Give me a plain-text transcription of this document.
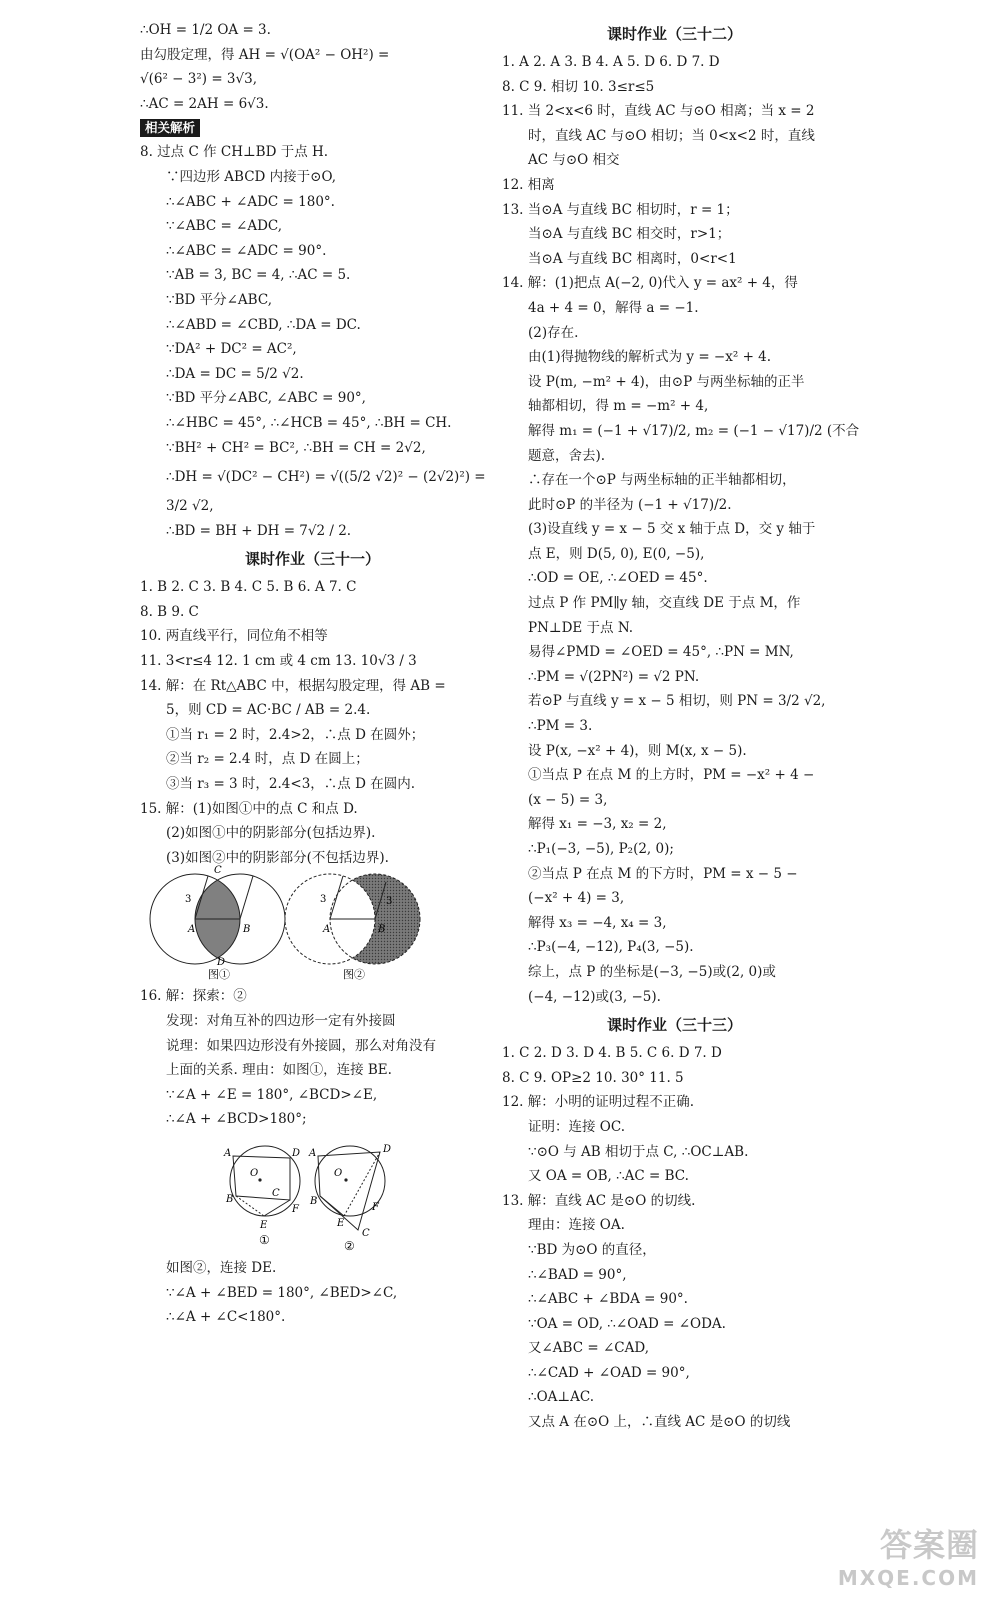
∴OH = 1/2 OA = 3.
由勾股定理，得 AH = √(OA² − OH²) =
√(6² − 3²) = 3√3,
∴AC = 2AH = 6√3.
相关解析
8. 过点 C 作 CH⊥BD 于点 H.
∵四边形 ABCD 内接于⊙O,
∴∠ABC + ∠ADC = 180°.
∵∠ABC = ∠ADC,
∴∠ABC = ∠ADC = 90°.
∵AB = 3, BC = 4, ∴AC = 5.
∵BD 平分∠ABC,
∴∠ABD = ∠CBD, ∴DA = DC.
∵DA² + DC² = AC²,
∴DA = DC = 5/2 √2.
∵BD 平分∠ABC, ∠ABC = 90°,
∴∠HBC = 45°, ∴∠HCB = 45°, ∴BH = CH.
∵BH² + CH² = BC², ∴BH = CH = 2√2,
∴DH = √(DC² − CH²) = √((5/2 √2)² − (2√2)²) =
3/2 √2,
∴BD = BH + DH = 7√2 / 2.
课时作业（三十一）
1. B 2. C 3. B 4. C 5. B 6. A 7. C
8. B 9. C
10. 两直线平行，同位角不相等
11. 3<r≤4 12. 1 cm 或 4 cm 13. 10√3 / 3
14. 解：在 Rt△ABC 中，根据勾股定理，得 AB =
5，则 CD = AC·BC / AB = 2.4.
①当 r₁ = 2 时，2.4>2，∴点 D 在圆外；
②当 r₂ = 2.4 时，点 D 在圆上；
③当 r₃ = 3 时，2.4<3，∴点 D 在圆内.
15. 解：(1)如图①中的点 C 和点 D.
(2)如图①中的阴影部分(包括边界).
(3)如图②中的阴影部分(不包括边界).
3
A	B
C
D
图①
3	3
A	B
图②
16. 解：探索：②
发现：对角互补的四边形一定有外接圆
说理：如果四边形没有外接圆，那么对角没有
上面的关系. 理由：如图①，连接 BE.
∵∠A + ∠E = 180°, ∠BCD>∠E,
∴∠A + ∠BCD>180°;
O
A	D
B
C
E
F
①
O
A	D
B
C
E
F
②
如图②，连接 DE.
∵∠A + ∠BED = 180°, ∠BED>∠C,
∴∠A + ∠C<180°.
课时作业（三十二）
1. A 2. A 3. B 4. A 5. D 6. D 7. D
8. C 9. 相切 10. 3≤r≤5
11. 当 2<x<6 时，直线 AC 与⊙O 相离；当 x = 2
时，直线 AC 与⊙O 相切；当 0<x<2 时，直线
AC 与⊙O 相交
12. 相离
13. 当⊙A 与直线 BC 相切时，r = 1；
当⊙A 与直线 BC 相交时，r>1；
当⊙A 与直线 BC 相离时，0<r<1
14. 解：(1)把点 A(−2, 0)代入 y = ax² + 4，得
4a + 4 = 0，解得 a = −1.
(2)存在.
由(1)得抛物线的解析式为 y = −x² + 4.
设 P(m, −m² + 4)，由⊙P 与两坐标轴的正半
轴都相切，得 m = −m² + 4,
解得 m₁ = (−1 + √17)/2, m₂ = (−1 − √17)/2 (不合
题意，舍去).
∴存在一个⊙P 与两坐标轴的正半轴都相切，
此时⊙P 的半径为 (−1 + √17)/2.
(3)设直线 y = x − 5 交 x 轴于点 D，交 y 轴于
点 E，则 D(5, 0), E(0, −5),
∴OD = OE, ∴∠OED = 45°.
过点 P 作 PM∥y 轴，交直线 DE 于点 M，作
PN⊥DE 于点 N.
易得∠PMD = ∠OED = 45°, ∴PN = MN,
∴PM = √(2PN²) = √2 PN.
若⊙P 与直线 y = x − 5 相切，则 PN = 3/2 √2,
∴PM = 3.
设 P(x, −x² + 4)，则 M(x, x − 5).
①当点 P 在点 M 的上方时，PM = −x² + 4 −
(x − 5) = 3,
解得 x₁ = −3, x₂ = 2,
∴P₁(−3, −5), P₂(2, 0);
②当点 P 在点 M 的下方时，PM = x − 5 −
(−x² + 4) = 3,
解得 x₃ = −4, x₄ = 3,
∴P₃(−4, −12), P₄(3, −5).
综上，点 P 的坐标是(−3, −5)或(2, 0)或
(−4, −12)或(3, −5).
课时作业（三十三）
1. C 2. D 3. D 4. B 5. C 6. D 7. D
8. C 9. OP≥2 10. 30° 11. 5
12. 解：小明的证明过程不正确.
证明：连接 OC.
∵⊙O 与 AB 相切于点 C, ∴OC⊥AB.
又 OA = OB, ∴AC = BC.
13. 解：直线 AC 是⊙O 的切线.
理由：连接 OA.
∵BD 为⊙O 的直径，
∴∠BAD = 90°,
∴∠ABC + ∠BDA = 90°.
∵OA = OD, ∴∠OAD = ∠ODA.
又∠ABC = ∠CAD,
∴∠CAD + ∠OAD = 90°,
∴OA⊥AC.
又点 A 在⊙O 上，∴直线 AC 是⊙O 的切线
答案圈
MXQE.COM
